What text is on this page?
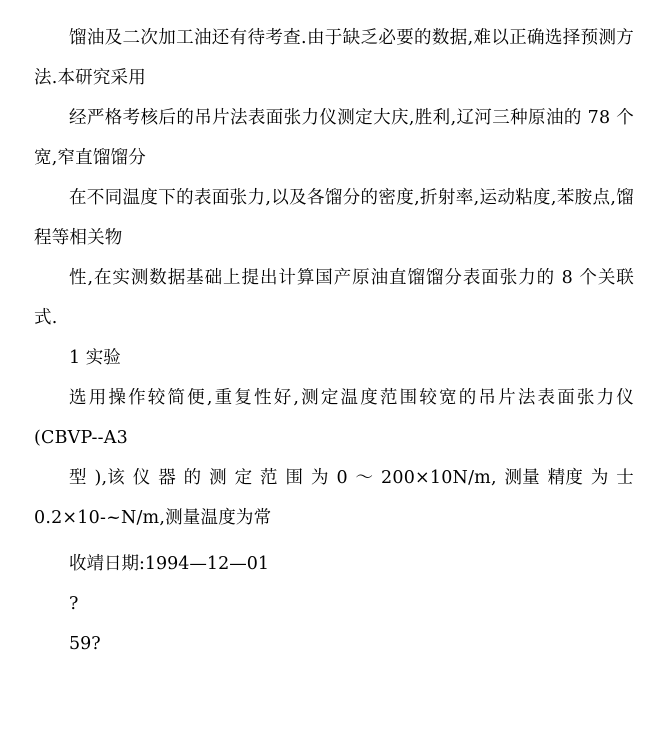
馏油及二次加工油还有待考查.由于缺乏必要的数据,难以正确选择预测方法.本研究采用

经严格考核后的吊片法表面张力仪测定大庆,胜利,辽河三种原油的 78 个宽,窄直馏馏分

在不同温度下的表面张力,以及各馏分的密度,折射率,运动粘度,苯胺点,馏程等相关物

性,在实测数据基础上提出计算国产原油直馏馏分表面张力的 8 个关联式.

1 实验

选用操作较简便,重复性好,测定温度范围较宽的吊片法表面张力仪(CBVP--A3

型 ),该 仪 器 的 测 定 范 围 为 0 ～ 200×10N/m, 测量 精度 为 士 0.2×10-~N/m,测量温度为常

收靖日期:1994—12—01

?

59?
